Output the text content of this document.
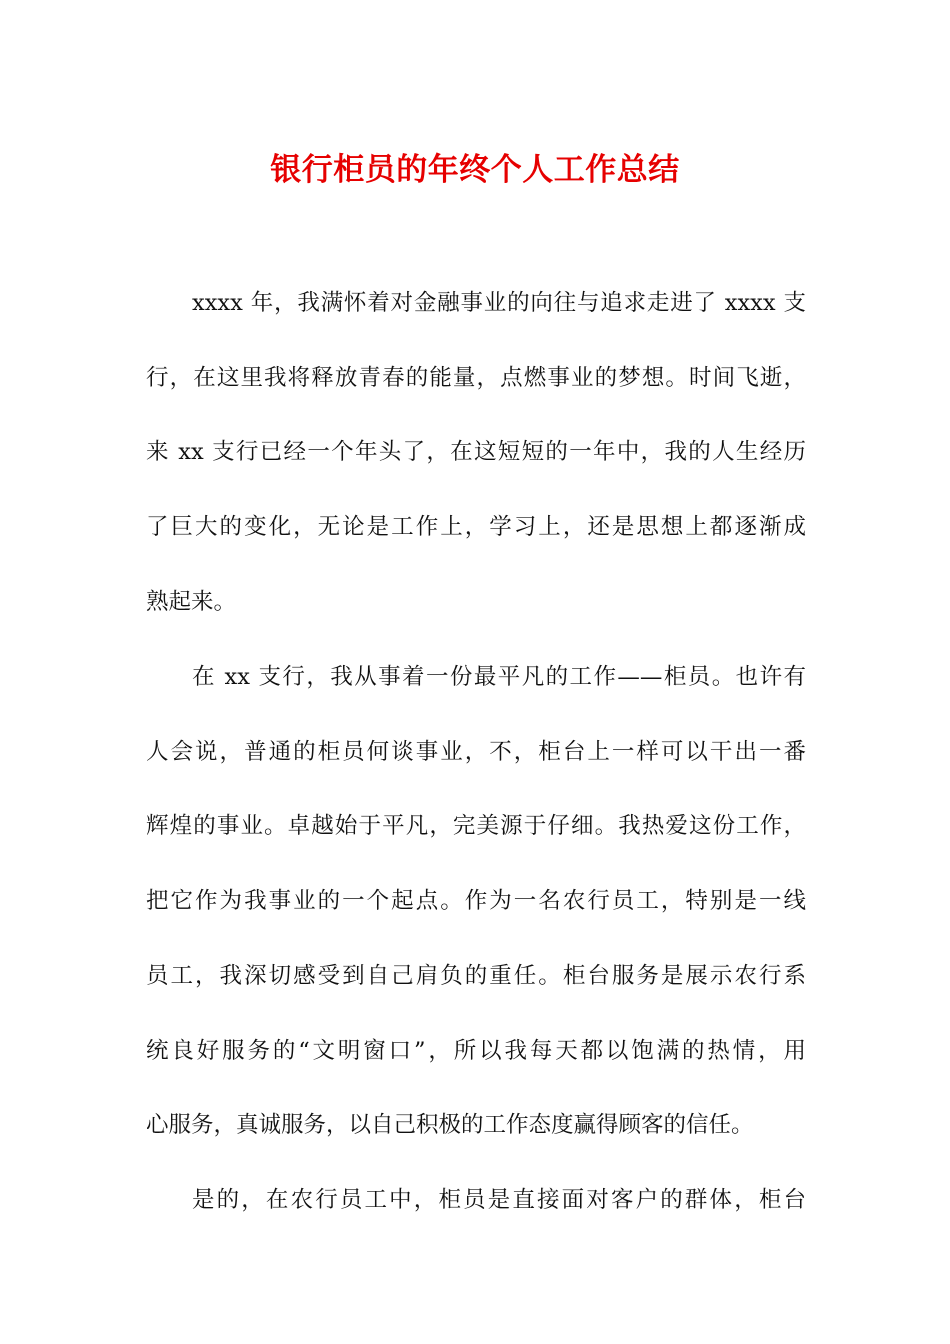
银行柜员的年终个人工作总结

xxxx 年，我满怀着对金融事业的向往与追求走进了 xxxx 支

行，在这里我将释放青春的能量，点燃事业的梦想。时间飞逝，

来 xx 支行已经一个年头了，在这短短的一年中，我的人生经历

了巨大的变化，无论是工作上，学习上，还是思想上都逐渐成

熟起来。

在 xx 支行，我从事着一份最平凡的工作——柜员。也许有

人会说，普通的柜员何谈事业，不，柜台上一样可以干出一番

辉煌的事业。卓越始于平凡，完美源于仔细。我热爱这份工作，

把它作为我事业的一个起点。作为一名农行员工，特别是一线

员工，我深切感受到自己肩负的重任。柜台服务是展示农行系

统良好服务的“文明窗口”，所以我每天都以饱满的热情，用

心服务，真诚服务，以自己积极的工作态度赢得顾客的信任。

是的，在农行员工中，柜员是直接面对客户的群体，柜台
